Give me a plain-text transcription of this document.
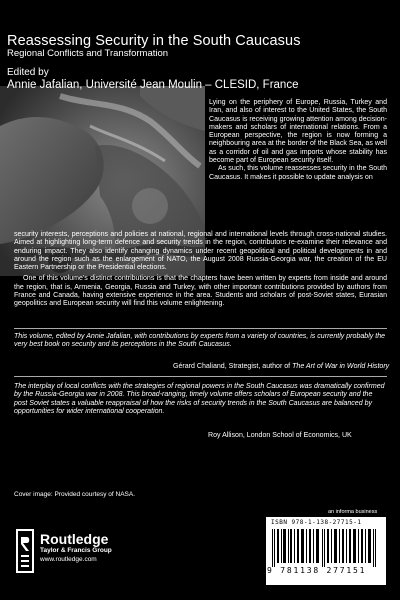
Reassessing Security in the South Caucasus
Regional Conflicts and Transformation
Edited by
Annie Jafalian, Université Jean Moulin – CLESID, France

Lying on the periphery of Europe, Russia, Turkey and Iran, and also of interest to the United States, the South Caucasus is receiving growing attention among decision-makers and scholars of international relations. From a European perspective, the region is now forming a neighbouring area at the border of the Black Sea, as well as a corridor of oil and gas imports whose stability has become part of European security itself.

As such, this volume reassesses security in the South Caucasus. It makes it possible to update analysis on

security interests, perceptions and policies at national, regional and international levels through cross-national studies. Aimed at highlighting long-term defence and security trends in the region, contributors re-examine their relevance and enduring impact. They also identify changing dynamics under recent geopolitical and political developments in and around the region such as the enlargement of NATO, the August 2008 Russia-Georgia war, the creation of the EU Eastern Partnership or the Presidential elections.

One of this volume's distinct contributions is that the chapters have been written by experts from inside and around the region, that is, Armenia, Georgia, Russia and Turkey, with other important contributions provided by authors from France and Canada, having extensive experience in the area. Students and scholars of post-Soviet states, Eurasian geopolitics and European security will find this volume enlightening.

This volume, edited by Annie Jafalian, with contributions by experts from a variety of countries, is currently probably the very best book on security and its perceptions in the South Caucasus.
Gérard Chaliand, Strategist, author of The Art of War in World History
The interplay of local conflicts with the strategies of regional powers in the South Caucasus was dramatically confirmed by the Russia-Georgia war in 2008. This broad-ranging, timely volume offers scholars of European security and the post Soviet states a valuable reappraisal of how the risks of security trends in the South Caucasus are balanced by opportunities for wider international cooperation.
Roy Allison, London School of Economics, UK
Cover image: Provided courtesy of NASA.
an informa business
ISBN 978-1-138-27715-1
9 781138 277151
Routledge
Taylor & Francis Group
www.routledge.com
